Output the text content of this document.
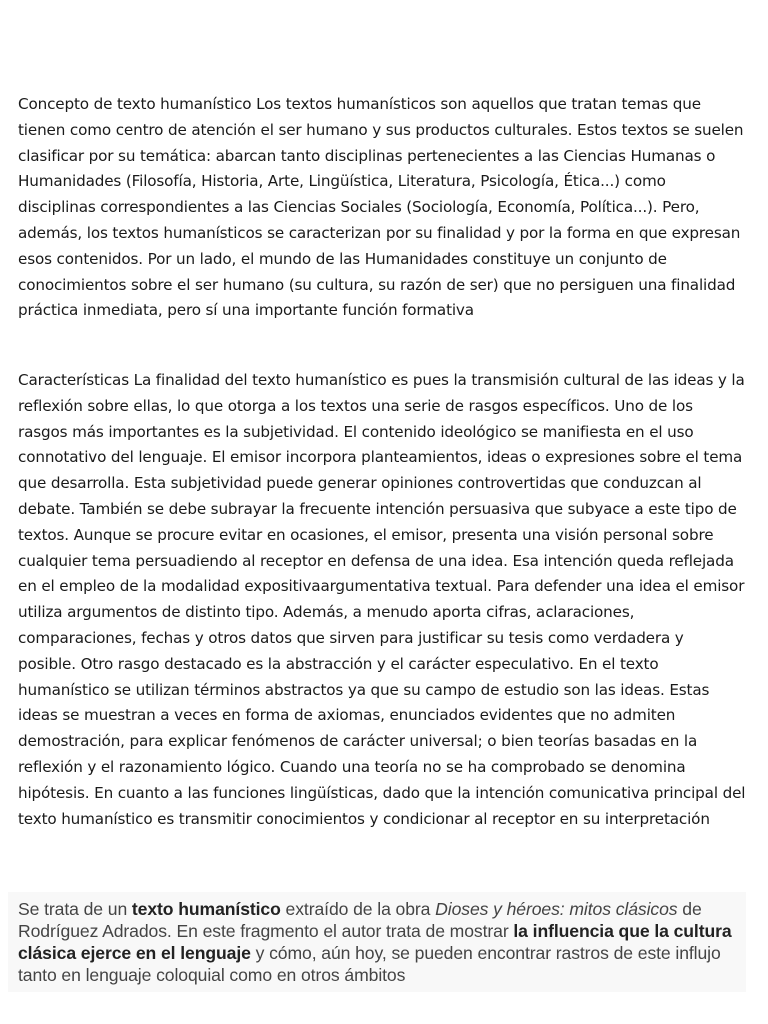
Concepto de texto humanístico Los textos humanísticos son aquellos que tratan temas que tienen como centro de atención el ser humano y sus productos culturales. Estos textos se suelen clasificar por su temática: abarcan tanto disciplinas pertenecientes a las Ciencias Humanas o Humanidades (Filosofía, Historia, Arte, Lingüística, Literatura, Psicología, Ética...) como disciplinas correspondientes a las Ciencias Sociales (Sociología, Economía, Política...). Pero, además, los textos humanísticos se caracterizan por su finalidad y por la forma en que expresan esos contenidos. Por un lado, el mundo de las Humanidades constituye un conjunto de conocimientos sobre el ser humano (su cultura, su razón de ser) que no persiguen una finalidad práctica inmediata, pero sí una importante función formativa

Características La finalidad del texto humanístico es pues la transmisión cultural de las ideas y la reflexión sobre ellas, lo que otorga a los textos una serie de rasgos específicos. Uno de los rasgos más importantes es la subjetividad. El contenido ideológico se manifiesta en el uso connotativo del lenguaje. El emisor incorpora planteamientos, ideas o expresiones sobre el tema que desarrolla. Esta subjetividad puede generar opiniones controvertidas que conduzcan al debate. También se debe subrayar la frecuente intención persuasiva que subyace a este tipo de textos. Aunque se procure evitar en ocasiones, el emisor, presenta una visión personal sobre cualquier tema persuadiendo al receptor en defensa de una idea. Esa intención queda reflejada en el empleo de la modalidad expositivaargumentativa textual. Para defender una idea el emisor utiliza argumentos de distinto tipo. Además, a menudo aporta cifras, aclaraciones, comparaciones, fechas y otros datos que sirven para justificar su tesis como verdadera y posible. Otro rasgo destacado es la abstracción y el carácter especulativo. En el texto humanístico se utilizan términos abstractos ya que su campo de estudio son las ideas. Estas ideas se muestran a veces en forma de axiomas, enunciados evidentes que no admiten demostración, para explicar fenómenos de carácter universal; o bien teorías basadas en la reflexión y el razonamiento lógico. Cuando una teoría no se ha comprobado se denomina hipótesis. En cuanto a las funciones lingüísticas, dado que la intención comunicativa principal del texto humanístico es transmitir conocimientos y condicionar al receptor en su interpretación

Se trata de un texto humanístico extraído de la obra Dioses y héroes: mitos clásicos de Rodríguez Adrados. En este fragmento el autor trata de mostrar la influencia que la cultura clásica ejerce en el lenguaje y cómo, aún hoy, se pueden encontrar rastros de este influjo tanto en lenguaje coloquial como en otros ámbitos
